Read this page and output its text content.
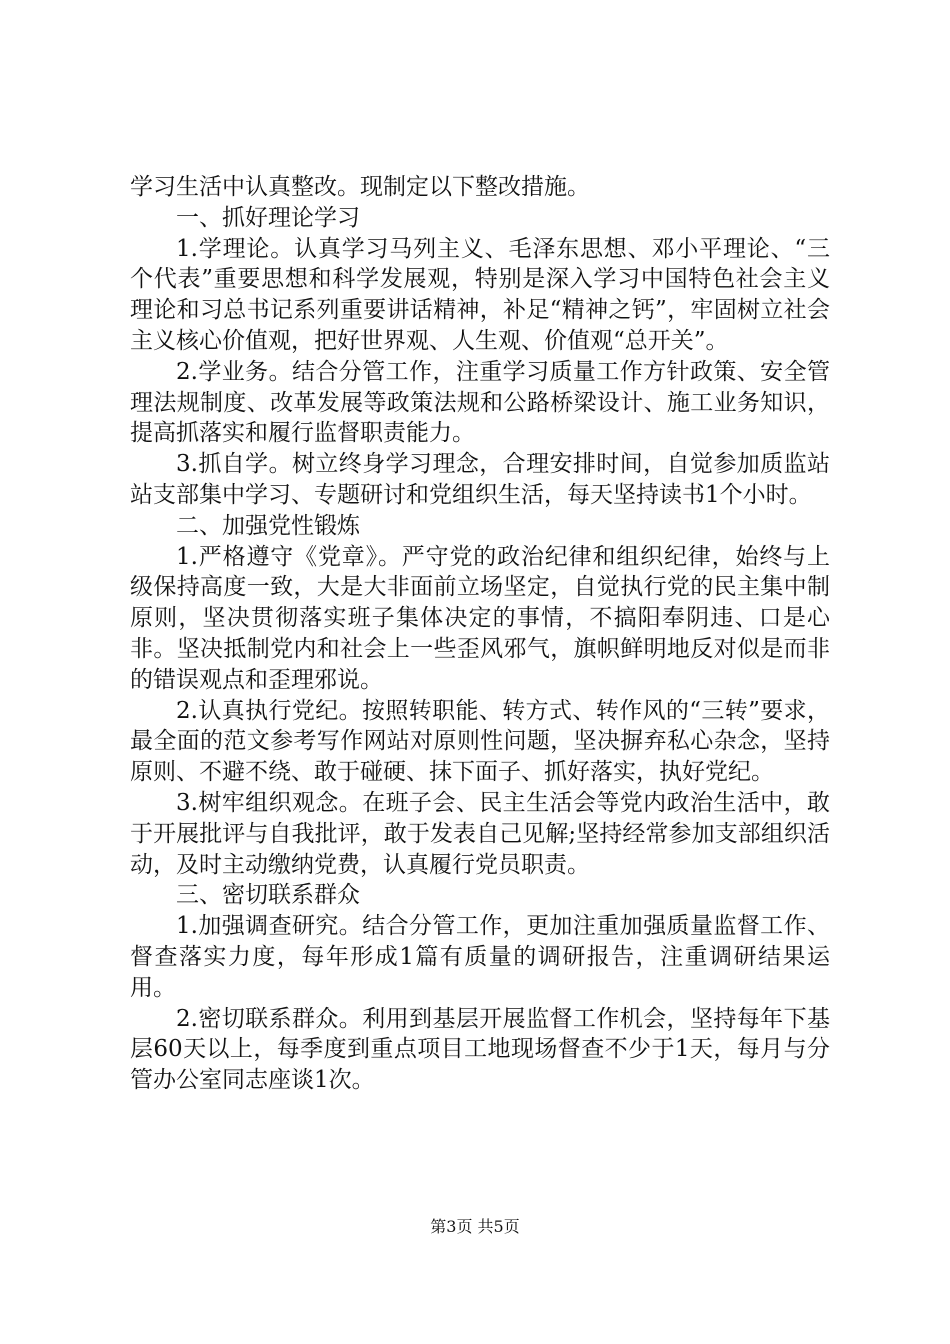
学习生活中认真整改。现制定以下整改措施。

一、抓好理论学习

1.学理论。认真学习马列主义、毛泽东思想、邓小平理论、“三个代表”重要思想和科学发展观，特别是深入学习中国特色社会主义理论和习总书记系列重要讲话精神，补足“精神之钙”，牢固树立社会主义核心价值观，把好世界观、人生观、价值观“总开关”。

2.学业务。结合分管工作，注重学习质量工作方针政策、安全管理法规制度、改革发展等政策法规和公路桥梁设计、施工业务知识，提高抓落实和履行监督职责能力。

3.抓自学。树立终身学习理念，合理安排时间，自觉参加质监站站支部集中学习、专题研讨和党组织生活，每天坚持读书1个小时。

二、加强党性锻炼

1.严格遵守《党章》。严守党的政治纪律和组织纪律，始终与上级保持高度一致，大是大非面前立场坚定，自觉执行党的民主集中制原则，坚决贯彻落实班子集体决定的事情，不搞阳奉阴违、口是心非。坚决抵制党内和社会上一些歪风邪气，旗帜鲜明地反对似是而非的错误观点和歪理邪说。

2.认真执行党纪。按照转职能、转方式、转作风的“三转”要求，最全面的范文参考写作网站对原则性问题，坚决摒弃私心杂念，坚持原则、不避不绕、敢于碰硬、抹下面子、抓好落实，执好党纪。

3.树牢组织观念。在班子会、民主生活会等党内政治生活中，敢于开展批评与自我批评，敢于发表自己见解;坚持经常参加支部组织活动，及时主动缴纳党费，认真履行党员职责。

三、密切联系群众

1.加强调查研究。结合分管工作，更加注重加强质量监督工作、督查落实力度，每年形成1篇有质量的调研报告，注重调研结果运用。

2.密切联系群众。利用到基层开展监督工作机会，坚持每年下基层60天以上，每季度到重点项目工地现场督查不少于1天，每月与分管办公室同志座谈1次。

第3页 共5页
